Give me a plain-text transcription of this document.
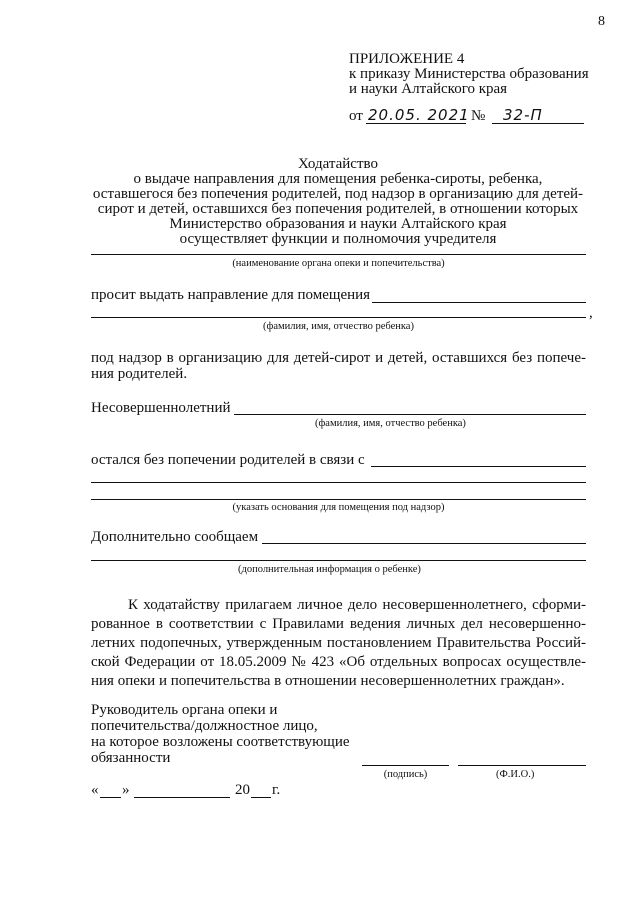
8
ПРИЛОЖЕНИЕ 4
к приказу Министерства образования
и науки Алтайского края
от 20.05. 2021 № 32-П
Ходатайство
о выдаче направления для помещения ребенка-сироты, ребенка,
оставшегося без попечения родителей, под надзор в организацию для детей-
сирот и детей, оставшихся без попечения родителей, в отношении которых
Министерство образования и науки Алтайского края
осуществляет функции и полномочия учредителя
(наименование органа опеки и попечительства)
просит выдать направление для помещения
,
(фамилия, имя, отчество ребенка)
под надзор в организацию для детей-сирот и детей, оставшихся без попече-
ния родителей.
Несовершеннолетний
(фамилия, имя, отчество ребенка)
остался без попечении родителей в связи с
(указать основания для помещения под надзор)
Дополнительно сообщаем
(дополнительная информация о ребенке)
К ходатайству прилагаем личное дело несовершеннолетнего, сформи-
рованное в соответствии с Правилами ведения личных дел несовершенно-
летних подопечных, утвержденным постановлением Правительства Россий-
ской Федерации от 18.05.2009 № 423 «Об отдельных вопросах осуществле-
ния опеки и попечительства в отношении несовершеннолетних граждан».
Руководитель органа опеки и
попечительства/должностное лицо,
на которое возложены соответствующие
обязанности
(подпись)	(Ф.И.О.)
« »	20 г.
